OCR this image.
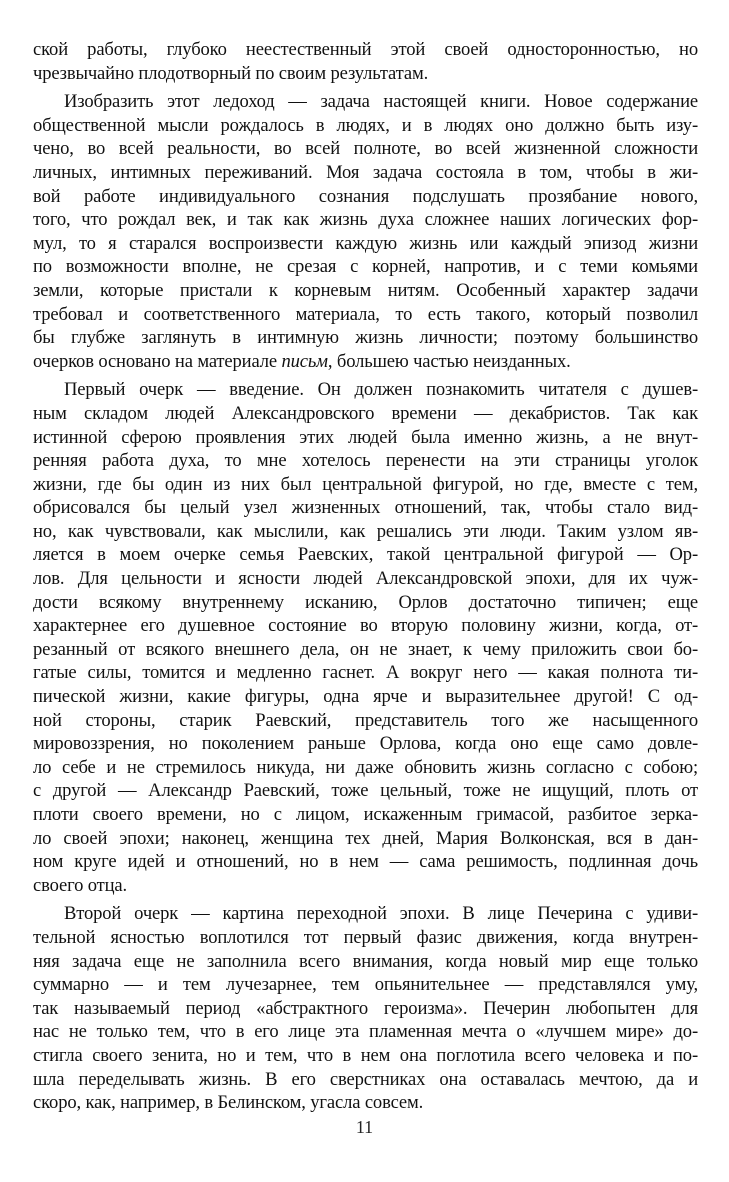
ской работы, глубоко неестественный этой своей односторонностью, но
чрезвычайно плодотворный по своим результатам.
Изобразить этот ледоход — задача настоящей книги. Новое содержание
общественной мысли рождалось в людях, и в людях оно должно быть изу-
чено, во всей реальности, во всей полноте, во всей жизненной сложности
личных, интимных переживаний. Моя задача состояла в том, чтобы в жи-
вой работе индивидуального сознания подслушать прозябание нового,
того, что рождал век, и так как жизнь духа сложнее наших логических фор-
мул, то я старался воспроизвести каждую жизнь или каждый эпизод жизни
по возможности вполне, не срезая с корней, напротив, и с теми комьями
земли, которые пристали к корневым нитям. Особенный характер задачи
требовал и соответственного материала, то есть такого, который позволил
бы глубже заглянуть в интимную жизнь личности; поэтому большинство
очерков основано на материале письм, большею частью неизданных.
Первый очерк — введение. Он должен познакомить читателя с душев-
ным складом людей Александровского времени — декабристов. Так как
истинной сферою проявления этих людей была именно жизнь, а не внут-
ренняя работа духа, то мне хотелось перенести на эти страницы уголок
жизни, где бы один из них был центральной фигурой, но где, вместе с тем,
обрисовался бы целый узел жизненных отношений, так, чтобы стало вид-
но, как чувствовали, как мыслили, как решались эти люди. Таким узлом яв-
ляется в моем очерке семья Раевских, такой центральной фигурой — Ор-
лов. Для цельности и ясности людей Александровской эпохи, для их чуж-
дости всякому внутреннему исканию, Орлов достаточно типичен; еще
характернее его душевное состояние во вторую половину жизни, когда, от-
резанный от всякого внешнего дела, он не знает, к чему приложить свои бо-
гатые силы, томится и медленно гаснет. А вокруг него — какая полнота ти-
пической жизни, какие фигуры, одна ярче и выразительнее другой! С од-
ной стороны, старик Раевский, представитель того же насыщенного
мировоззрения, но поколением раньше Орлова, когда оно еще само довле-
ло себе и не стремилось никуда, ни даже обновить жизнь согласно с собою;
с другой — Александр Раевский, тоже цельный, тоже не ищущий, плоть от
плоти своего времени, но с лицом, искаженным гримасой, разбитое зерка-
ло своей эпохи; наконец, женщина тех дней, Мария Волконская, вся в дан-
ном круге идей и отношений, но в нем — сама решимость, подлинная дочь
своего отца.
Второй очерк — картина переходной эпохи. В лице Печерина с удиви-
тельной ясностью воплотился тот первый фазис движения, когда внутрен-
няя задача еще не заполнила всего внимания, когда новый мир еще только
суммарно — и тем лучезарнее, тем опьянительнее — представлялся уму,
так называемый период «абстрактного героизма». Печерин любопытен для
нас не только тем, что в его лице эта пламенная мечта о «лучшем мире» до-
стигла своего зенита, но и тем, что в нем она поглотила всего человека и по-
шла переделывать жизнь. В его сверстниках она оставалась мечтою, да и
скоро, как, например, в Белинском, угасла совсем.
11
